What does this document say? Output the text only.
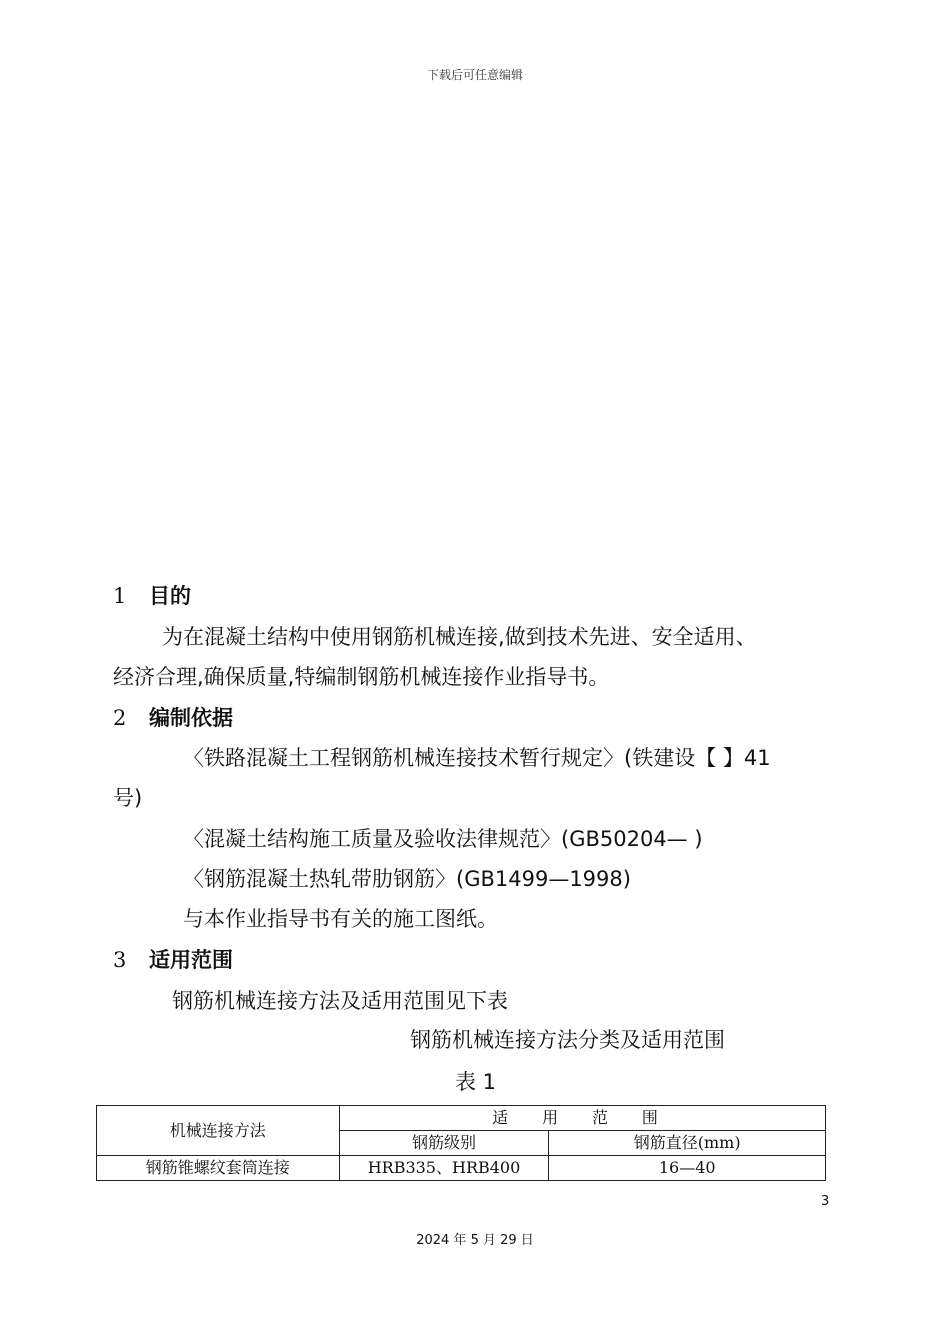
下载后可任意编辑
1 目的
为在混凝土结构中使用钢筋机械连接,做到技术先进、安全适用、
经济合理,确保质量,特编制钢筋机械连接作业指导书。
2 编制依据
〈铁路混凝土工程钢筋机械连接技术暂行规定〉(铁建设【 】41
号)
〈混凝土结构施工质量及验收法律规范〉(GB50204— )
〈钢筋混凝土热轧带肋钢筋〉(GB1499—1998)
与本作业指导书有关的施工图纸。
3 适用范围
钢筋机械连接方法及适用范围见下表
钢筋机械连接方法分类及适用范围
表 1
机械连接方法	适 用 范 围	
	钢筋级别	钢筋直径(mm)
钢筋锥螺纹套筒连接	HRB335、HRB400	16—40
3
2024 年 5 月 29 日
